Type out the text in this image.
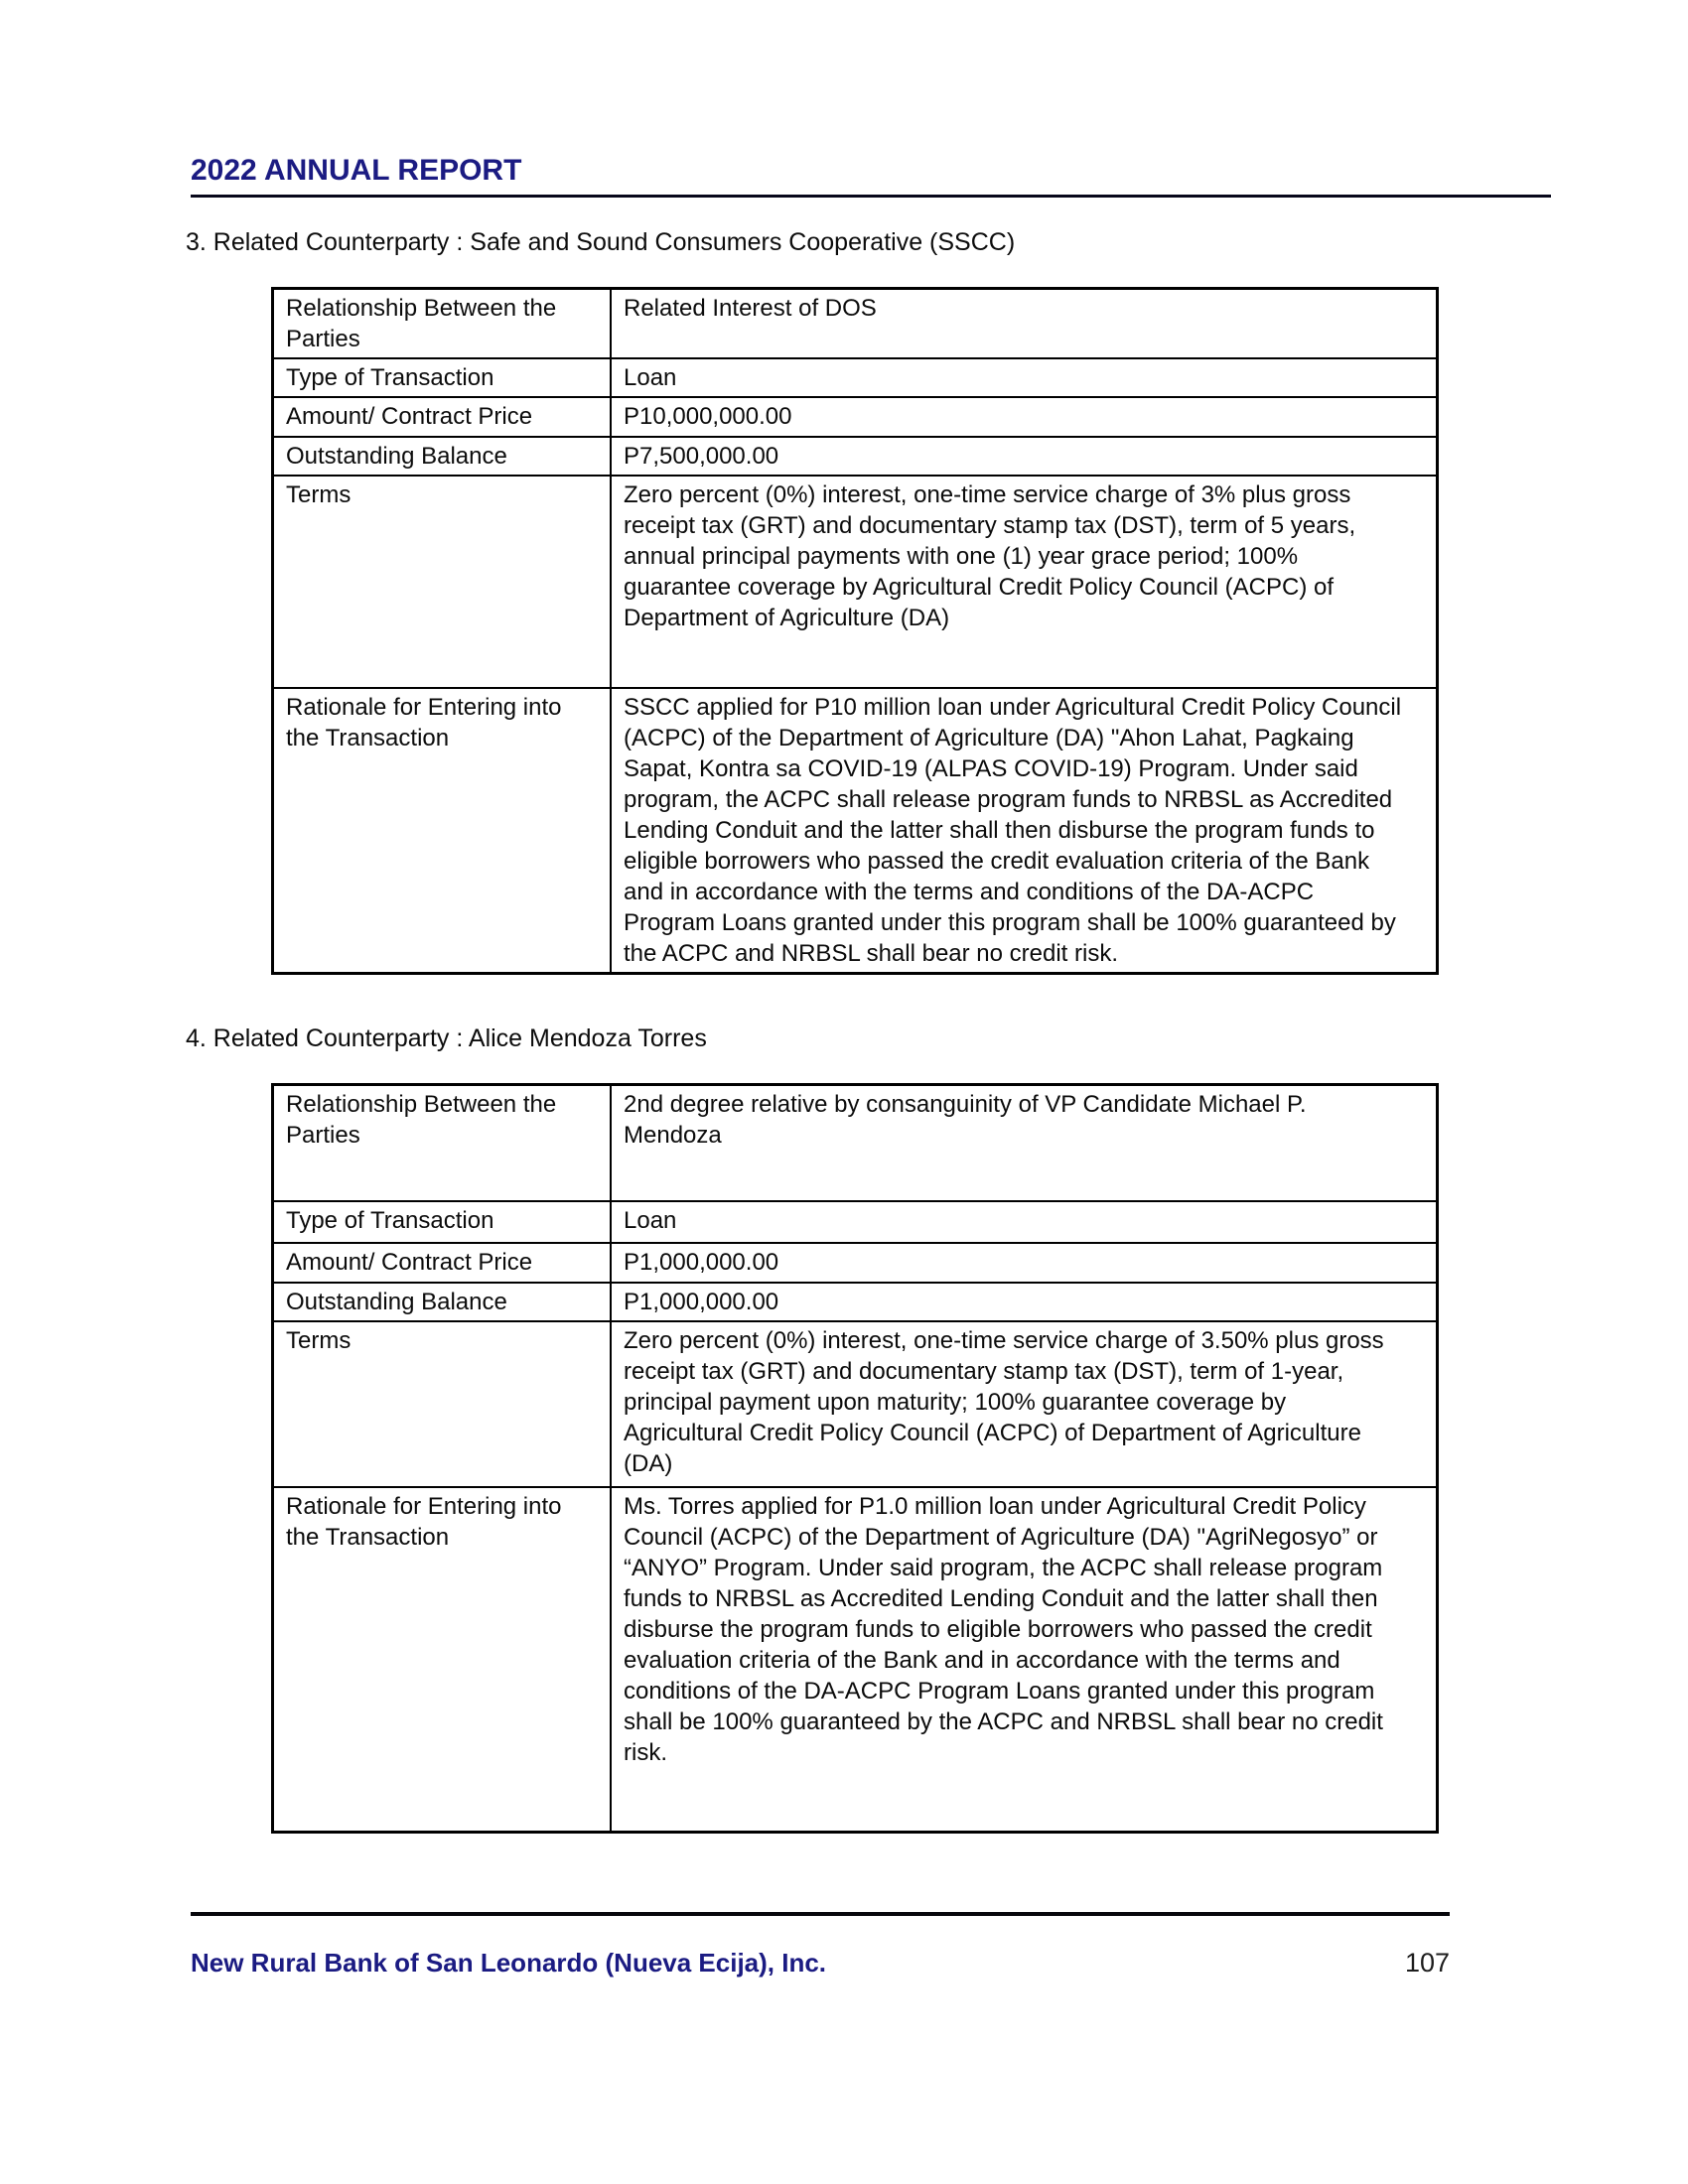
2022 ANNUAL REPORT
3. Related Counterparty : Safe and Sound Consumers Cooperative (SSCC)
Relationship Between the Parties	Related Interest of DOS
Type of Transaction	Loan
Amount/ Contract Price	P10,000,000.00
Outstanding Balance	P7,500,000.00
Terms	Zero percent (0%) interest, one-time service charge of 3% plus gross receipt tax (GRT) and documentary stamp tax (DST), term of 5 years, annual principal payments with one (1) year grace period; 100% guarantee coverage by Agricultural Credit Policy Council (ACPC) of Department of Agriculture (DA)
Rationale for Entering into the Transaction	SSCC applied for P10 million loan under Agricultural Credit Policy Council (ACPC) of the Department of Agriculture (DA) "Ahon Lahat, Pagkaing Sapat, Kontra sa COVID-19 (ALPAS COVID-19) Program. Under said program, the ACPC shall release program funds to NRBSL as Accredited Lending Conduit and the latter shall then disburse the program funds to eligible borrowers who passed the credit evaluation criteria of the Bank and in accordance with the terms and conditions of the DA-ACPC Program Loans granted under this program shall be 100% guaranteed by the ACPC and NRBSL shall bear no credit risk.
4. Related Counterparty : Alice Mendoza Torres
Relationship Between the Parties	2nd degree relative by consanguinity of VP Candidate Michael P. Mendoza
Type of Transaction	Loan
Amount/ Contract Price	P1,000,000.00
Outstanding Balance	P1,000,000.00
Terms	Zero percent (0%) interest, one-time service charge of 3.50% plus gross receipt tax (GRT) and documentary stamp tax (DST), term of 1-year, principal payment upon maturity; 100% guarantee coverage by Agricultural Credit Policy Council (ACPC) of Department of Agriculture (DA)
Rationale for Entering into the Transaction	Ms. Torres applied for P1.0 million loan under Agricultural Credit Policy Council (ACPC) of the Department of Agriculture (DA) "AgriNegosyo” or “ANYO” Program. Under said program, the ACPC shall release program funds to NRBSL as Accredited Lending Conduit and the latter shall then disburse the program funds to eligible borrowers who passed the credit evaluation criteria of the Bank and in accordance with the terms and conditions of the DA-ACPC Program Loans granted under this program shall be 100% guaranteed by the ACPC and NRBSL shall bear no credit risk.
New Rural Bank of San Leonardo (Nueva Ecija), Inc.	107
